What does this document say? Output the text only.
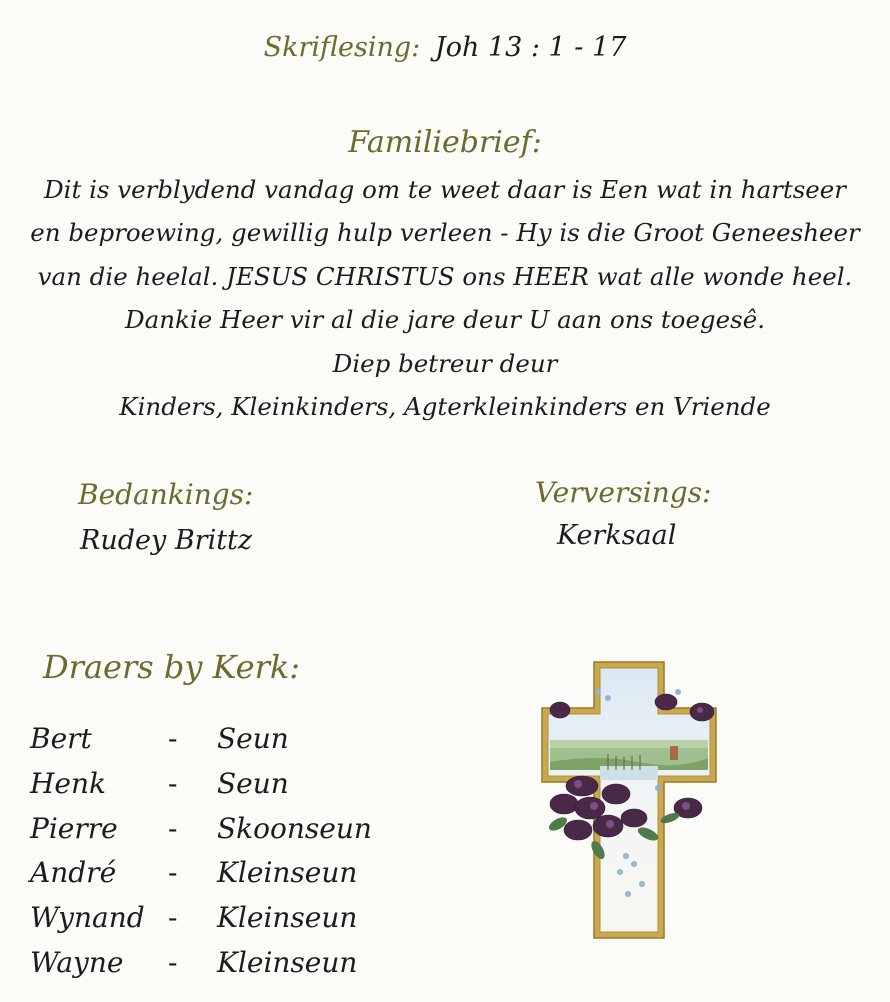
Skriflesing: Joh 13 : 1 - 17
Familiebrief:
Dit is verblydend vandag om te weet daar is Een wat in hartseer
en beproewing, gewillig hulp verleen - Hy is die Groot Geneesheer
van die heelal. JESUS CHRISTUS ons HEER wat alle wonde heel.
Dankie Heer vir al die jare deur U aan ons toegesê.
Diep betreur deur
Kinders, Kleinkinders, Agterkleinkinders en Vriende
Bedankings:
Rudey Brittz
Verversings:
Kerksaal
Draers by Kerk:
Bert	- Seun
Henk - Seun
Pierre - Skoonseun
André - Kleinseun
Wynand - Kleinseun
Wayne - Kleinseun
